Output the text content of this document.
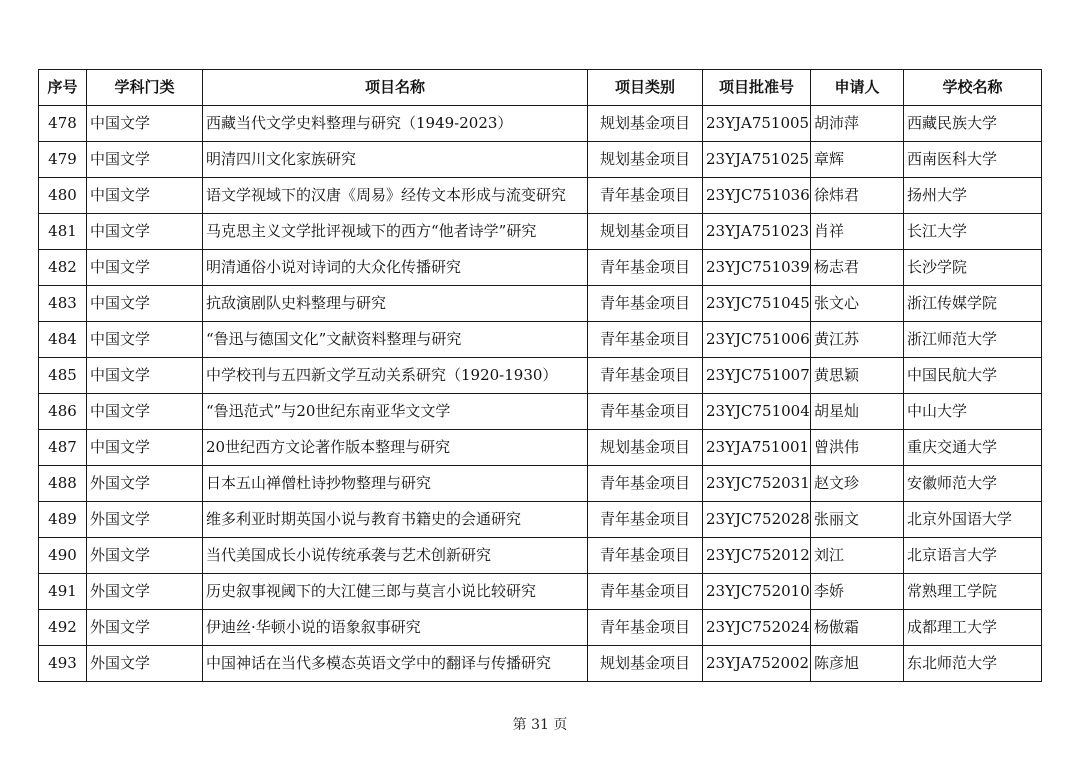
序号	学科门类	项目名称	项目类别	项目批准号	申请人	学校名称
478	中国文学	西藏当代文学史料整理与研究（1949-2023）	规划基金项目	23YJA751005	胡沛萍	西藏民族大学
479	中国文学	明清四川文化家族研究	规划基金项目	23YJA751025	章辉	西南医科大学
480	中国文学	语文学视域下的汉唐《周易》经传文本形成与流变研究	青年基金项目	23YJC751036	徐炜君	扬州大学
481	中国文学	马克思主义文学批评视域下的西方“他者诗学”研究	规划基金项目	23YJA751023	肖祥	长江大学
482	中国文学	明清通俗小说对诗词的大众化传播研究	青年基金项目	23YJC751039	杨志君	长沙学院
483	中国文学	抗敌演剧队史料整理与研究	青年基金项目	23YJC751045	张文心	浙江传媒学院
484	中国文学	“鲁迅与德国文化”文献资料整理与研究	青年基金项目	23YJC751006	黄江苏	浙江师范大学
485	中国文学	中学校刊与五四新文学互动关系研究（1920-1930）	青年基金项目	23YJC751007	黄思颖	中国民航大学
486	中国文学	“鲁迅范式”与20世纪东南亚华文文学	青年基金项目	23YJC751004	胡星灿	中山大学
487	中国文学	20世纪西方文论著作版本整理与研究	规划基金项目	23YJA751001	曾洪伟	重庆交通大学
488	外国文学	日本五山禅僧杜诗抄物整理与研究	青年基金项目	23YJC752031	赵文珍	安徽师范大学
489	外国文学	维多利亚时期英国小说与教育书籍史的会通研究	青年基金项目	23YJC752028	张丽文	北京外国语大学
490	外国文学	当代美国成长小说传统承袭与艺术创新研究	青年基金项目	23YJC752012	刘江	北京语言大学
491	外国文学	历史叙事视阈下的大江健三郎与莫言小说比较研究	青年基金项目	23YJC752010	李娇	常熟理工学院
492	外国文学	伊迪丝·华顿小说的语象叙事研究	青年基金项目	23YJC752024	杨傲霜	成都理工大学
493	外国文学	中国神话在当代多模态英语文学中的翻译与传播研究	规划基金项目	23YJA752002	陈彦旭	东北师范大学
第 31 页
